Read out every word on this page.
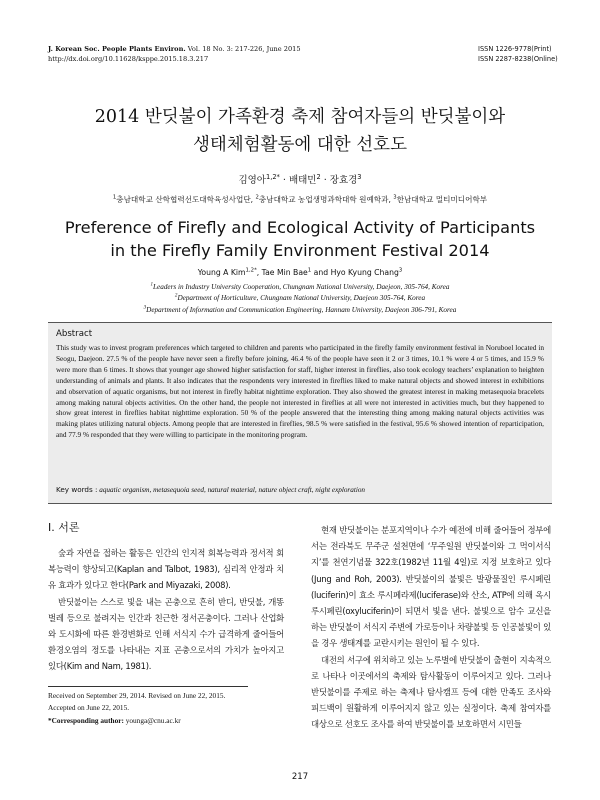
J. Korean Soc. People Plants Environ. Vol. 18 No. 3: 217-226, June 2015
http://dx.doi.org/10.11628/ksppe.2015.18.3.217
ISSN 1226-9778(Print)
ISSN 2287-8238(Online)
2014 반딧불이 가족환경 축제 참여자들의 반딧불이와
생태체험활동에 대한 선호도
김영아$^{1,2*}$ · 배태민$^2$ · 장효경$^3$
$^1$충남대학교 산학협력선도대학육성사업단, $^2$충남대학교 농업생명과학대학 원예학과, $^3$한남대학교 멀티미디어학부
Preference of Firefly and Ecological Activity of Participants
in the Firefly Family Environment Festival 2014
Young A Kim$^{1,2*}$, Tae Min Bae$^1$ and Hyo Kyung Chang$^3$
$^1$Leaders in Industry University Cooperation, Chungnam National University, Daejeon, 305-764, Korea
$^2$Department of Horticulture, Chungnam National University, Daejeon 305-764, Korea
$^3$Department of Information and Communication Engineering, Hannam University, Daejeon 306-791, Korea
Abstract
This study was to invest program preferences which targeted to children and parents who participated in the firefly family environment festival in Noruboel located in Seogu, Daejeon. 27.5 % of the people have never seen a firefly before joining, 46.4 % of the people have seen it 2 or 3 times, 10.1 % were 4 or 5 times, and 15.9 % were more than 6 times. It shows that younger age showed higher satisfaction for staff, higher interest in fireflies, also took ecology teachers’ explanation to heighten understanding of animals and plants. It also indicates that the respondents very interested in fireflies liked to make natural objects and showed interest in exhibitions and observation of aquatic organisms, but not interest in firefly habitat nighttime exploration. They also showed the greatest interest in making metasequoia bracelets among making natural objects activities. On the other hand, the people not interested in fireflies at all were not interested in activities much, but they happened to show great interest in fireflies habitat nighttime exploration. 50 % of the people answered that the interesting thing among making natural objects activities was making plates utilizing natural objects. Among people that are interested in fireflies, 98.5 % were satisfied in the festival, 95.6 % showed intention of reparticipation, and 77.9 % responded that they were willing to participate in the monitoring program.
Key words : aquatic organism, metasequoia seed, natural material, nature object craft, night exploration
Ⅰ. 서론

숲과 자연을 접하는 활동은 인간의 인지적 회복능력과 정서적 회복능력이 향상되고(Kaplan and Talbot, 1983), 심리적 안정과 치유 효과가 있다고 한다(Park and Miyazaki, 2008).

반딧불이는 스스로 빛을 내는 곤충으로 흔히 반디, 반딧불, 개똥벌레 등으로 불려지는 인간과 친근한 정서곤충이다. 그러나 산업화와 도시화에 따른 환경변화로 인해 서식지 수가 급격하게 줄어들어 환경오염의 정도를 나타내는 지표 곤충으로서의 가치가 높아지고 있다(Kim and Nam, 1981).

현재 반딧불이는 분포지역이나 수가 예전에 비해 줄어들어 정부에서는 전라북도 무주군 설천면에 ‘무주일원 반딧불이와 그 먹이서식지’를 천연기념물 322호(1982년 11월 4일)로 지정 보호하고 있다(Jung and Roh, 2003). 반딧불이의 불빛은 발광물질인 루시페린(luciferin)이 효소 루시페라제(luciferase)와 산소, ATP에 의해 옥시루시페린(oxyluciferin)이 되면서 빛을 낸다. 불빛으로 암수 교신을 하는 반딧불이 서식지 주변에 가로등이나 차량불빛 등 인공불빛이 있을 경우 생태계를 교란시키는 원인이 될 수 있다.

대전의 서구에 위치하고 있는 노루벌에 반딧불이 출현이 지속적으로 나타나 이곳에서의 축제와 탐사활동이 이루어지고 있다. 그러나 반딧불이를 주제로 하는 축제나 탐사캠프 등에 대한 만족도 조사와 피드백이 원활하게 이루어지지 않고 있는 실정이다. 축제 참여자를 대상으로 선호도 조사를 하여 반딧불이를 보호하면서 시민들

Received on September 29, 2014. Revised on June 22, 2015.
Accepted on June 22, 2015.
*Corresponding author: younga@cnu.ac.kr
217
